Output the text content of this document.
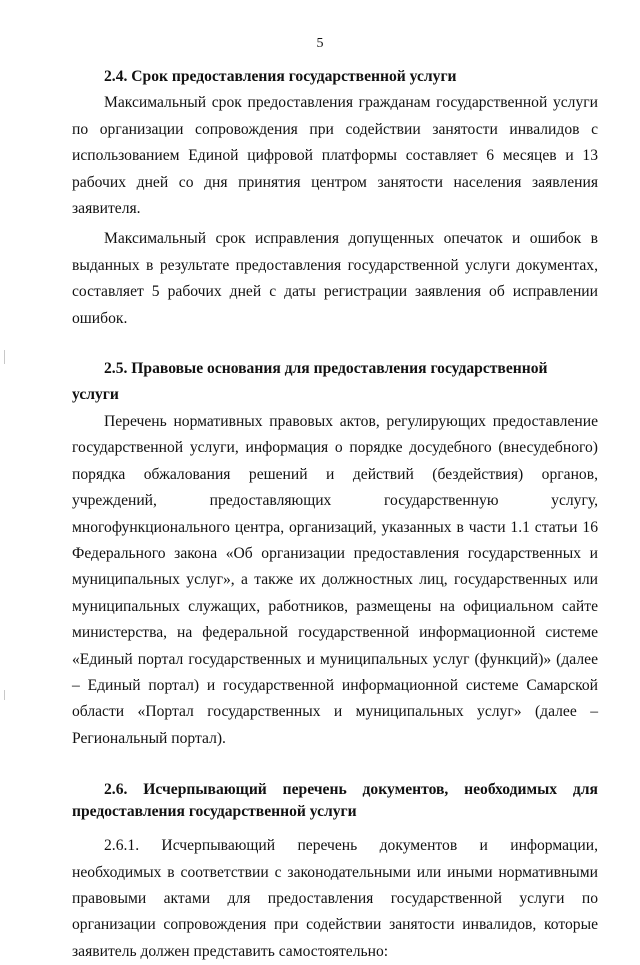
5

2.4. Срок предоставления государственной услуги

Максимальный срок предоставления гражданам государственной услуги по организации сопровождения при содействии занятости инвалидов с использованием Единой цифровой платформы составляет 6 месяцев и 13 рабочих дней со дня принятия центром занятости населения заявления заявителя.

Максимальный срок исправления допущенных опечаток и ошибок в выданных в результате предоставления государственной услуги документах, составляет 5 рабочих дней с даты регистрации заявления об исправлении ошибок.

2.5. Правовые основания для предоставления государственной услуги

Перечень нормативных правовых актов, регулирующих предоставление государственной услуги, информация о порядке досудебного (внесудебного) порядка обжалования решений и действий (бездействия) органов, учреждений, предоставляющих государственную услугу, многофункционального центра, организаций, указанных в части 1.1 статьи 16 Федерального закона «Об организации предоставления государственных и муниципальных услуг», а также их должностных лиц, государственных или муниципальных служащих, работников, размещены на официальном сайте министерства, на федеральной государственной информационной системе «Единый портал государственных и муниципальных услуг (функций)» (далее – Единый портал) и государственной информационной системе Самарской области «Портал государственных и муниципальных услуг» (далее – Региональный портал).

2.6. Исчерпывающий перечень документов, необходимых для
предоставления государственной услуги

2.6.1. Исчерпывающий перечень документов и информации, необходимых в соответствии с законодательными или иными нормативными правовыми актами для предоставления государственной услуги по организации сопровождения при содействии занятости инвалидов, которые заявитель должен представить самостоятельно:
